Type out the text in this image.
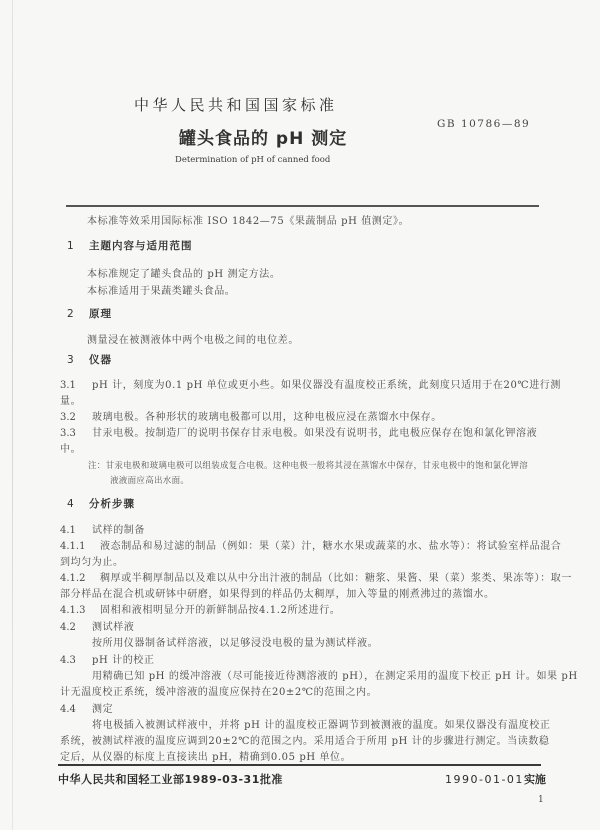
中华人民共和国国家标准
GB 10786—89
罐头食品的 pH 测定
Determination of pH of canned food
本标准等效采用国际标准 ISO 1842—75《果蔬制品 pH 值测定》。
1 主题内容与适用范围
本标准规定了罐头食品的 pH 测定方法。
本标准适用于果蔬类罐头食品。
2 原理
测量浸在被测液体中两个电极之间的电位差。
3 仪器
3.1 pH 计，刻度为0.1 pH 单位或更小些。如果仪器没有温度校正系统，此刻度只适用于在20℃进行测
量。
3.2 玻璃电极。各种形状的玻璃电极都可以用，这种电极应浸在蒸馏水中保存。
3.3 甘汞电极。按制造厂的说明书保存甘汞电极。如果没有说明书，此电极应保存在饱和氯化钾溶液
中。
注：甘汞电极和玻璃电极可以组装成复合电极。这种电极一般将其浸在蒸馏水中保存，甘汞电极中的饱和氯化钾溶
液液面应高出水面。
4 分析步骤
4.1 试样的制备
4.1.1 液态制品和易过滤的制品（例如：果（菜）汁，糖水水果或蔬菜的水、盐水等）：将试验室样品混合
到均匀为止。
4.1.2 稠厚或半稠厚制品以及难以从中分出汁液的制品（比如：糖浆、果酱、果（菜）浆类、果冻等）：取一
部分样品在混合机或研钵中研磨，如果得到的样品仍太稠厚，加入等量的刚煮沸过的蒸馏水。
4.1.3 固相和液相明显分开的新鲜制品按4.1.2所述进行。
4.2 测试样液
按所用仪器制备试样溶液，以足够浸没电极的量为测试样液。
4.3 pH 计的校正
用精确已知 pH 的缓冲溶液（尽可能接近待测溶液的 pH），在测定采用的温度下校正 pH 计。如果 pH
计无温度校正系统，缓冲溶液的温度应保持在20±2℃的范围之内。
4.4 测定
将电极插入被测试样液中，并将 pH 计的温度校正器调节到被测液的温度。如果仪器没有温度校正
系统，被测试样液的温度应调到20±2℃的范围之内。采用适合于所用 pH 计的步骤进行测定。当读数稳
定后，从仪器的标度上直接读出 pH，精确到0.05 pH 单位。
中华人民共和国轻工业部1989-03-31批准	1990-01-01实施
1
